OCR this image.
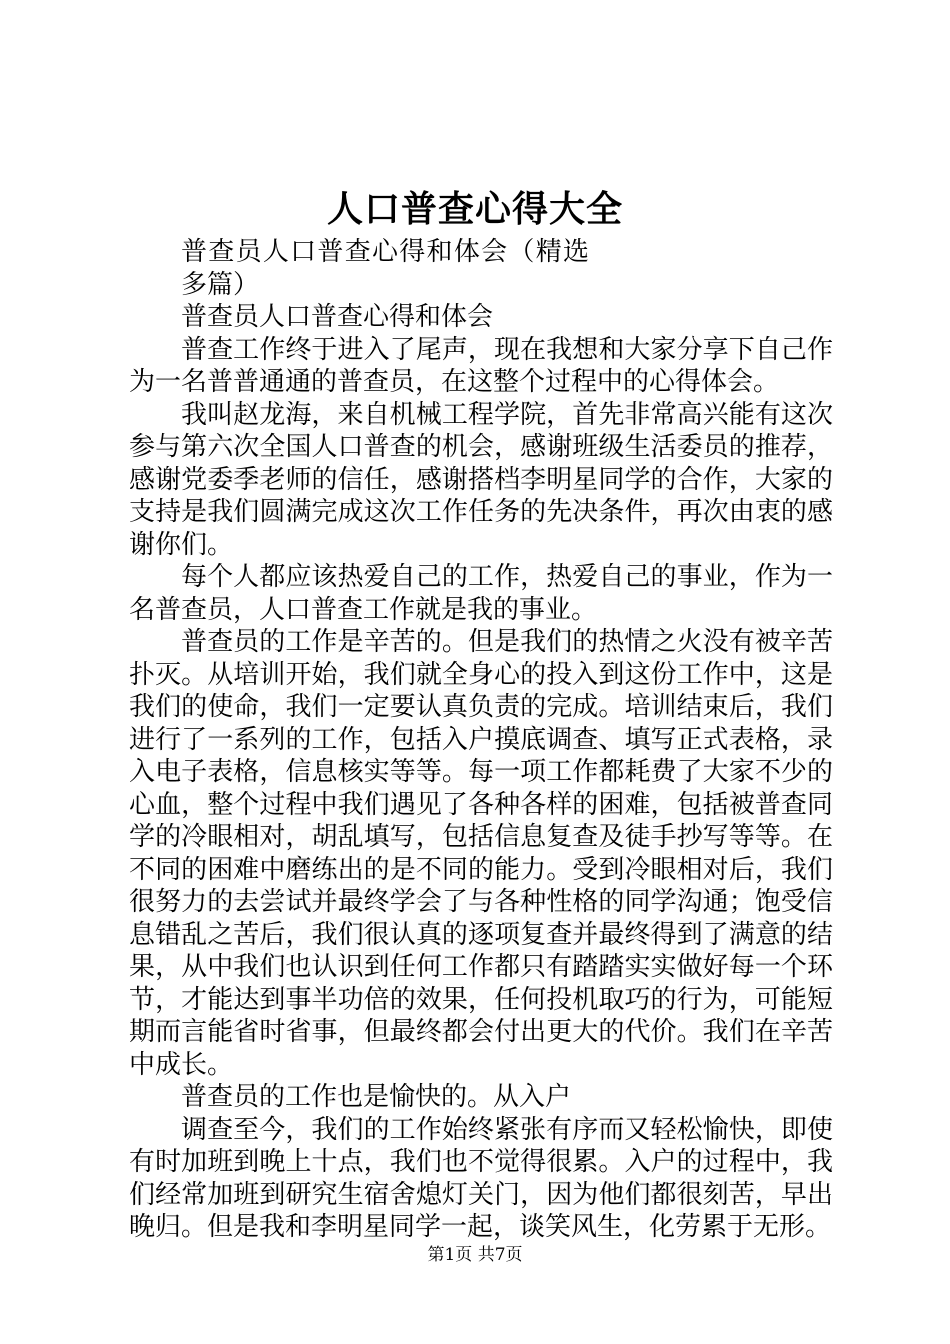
人口普查心得大全

普查员人口普查心得和体会（精选多篇）

普查员人口普查心得和体会

普查工作终于进入了尾声，现在我想和大家分享下自己作为一名普普通通的普查员，在这整个过程中的心得体会。

我叫赵龙海，来自机械工程学院，首先非常高兴能有这次参与第六次全国人口普查的机会，感谢班级生活委员的推荐，感谢党委季老师的信任，感谢搭档李明星同学的合作，大家的支持是我们圆满完成这次工作任务的先决条件，再次由衷的感谢你们。

每个人都应该热爱自己的工作，热爱自己的事业，作为一名普查员，人口普查工作就是我的事业。

普查员的工作是辛苦的。但是我们的热情之火没有被辛苦扑灭。从培训开始，我们就全身心的投入到这份工作中，这是我们的使命，我们一定要认真负责的完成。培训结束后，我们进行了一系列的工作，包括入户摸底调查、填写正式表格，录入电子表格，信息核实等等。每一项工作都耗费了大家不少的心血，整个过程中我们遇见了各种各样的困难，包括被普查同学的冷眼相对，胡乱填写，包括信息复查及徒手抄写等等。在不同的困难中磨练出的是不同的能力。受到冷眼相对后，我们很努力的去尝试并最终学会了与各种性格的同学沟通；饱受信息错乱之苦后，我们很认真的逐项复查并最终得到了满意的结果，从中我们也认识到任何工作都只有踏踏实实做好每一个环节，才能达到事半功倍的效果，任何投机取巧的行为，可能短期而言能省时省事，但最终都会付出更大的代价。我们在辛苦中成长。

普查员的工作也是愉快的。从入户

调查至今，我们的工作始终紧张有序而又轻松愉快，即使有时加班到晚上十点，我们也不觉得很累。入户的过程中，我们经常加班到研究生宿舍熄灯关门，因为他们都很刻苦，早出晚归。但是我和李明星同学一起，谈笑风生，化劳累于无形。

第1页 共7页
